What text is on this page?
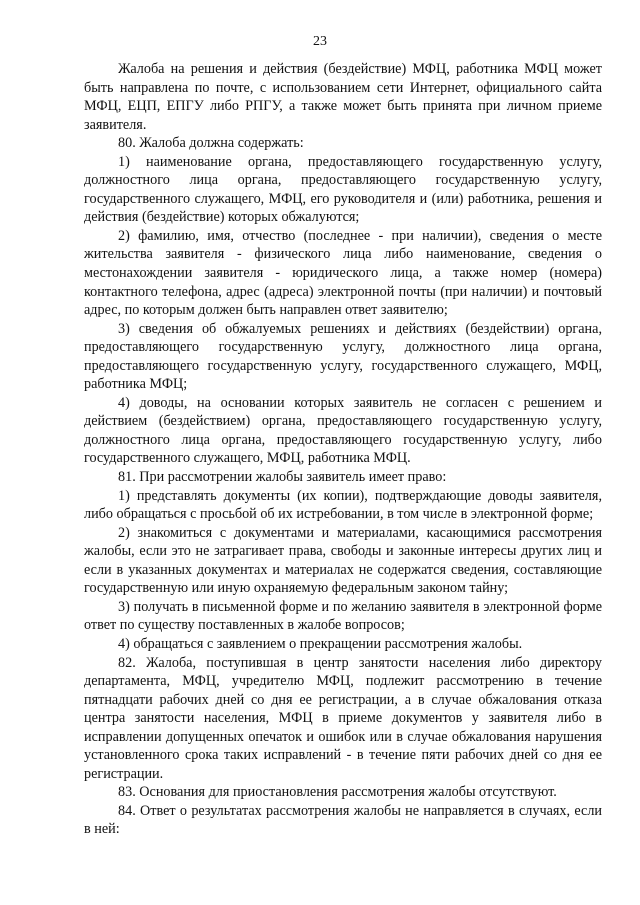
23

Жалоба на решения и действия (бездействие) МФЦ, работника МФЦ может быть направлена по почте, с использованием сети Интернет, официального сайта МФЦ, ЕЦП, ЕПГУ либо РПГУ, а также может быть принята при личном приеме заявителя.

80. Жалоба должна содержать:

1) наименование органа, предоставляющего государственную услугу, должностного лица органа, предоставляющего государственную услугу, государственного служащего, МФЦ, его руководителя и (или) работника, решения и действия (бездействие) которых обжалуются;

2) фамилию, имя, отчество (последнее - при наличии), сведения о месте жительства заявителя - физического лица либо наименование, сведения о местонахождении заявителя - юридического лица, а также номер (номера) контактного телефона, адрес (адреса) электронной почты (при наличии) и почтовый адрес, по которым должен быть направлен ответ заявителю;

3) сведения об обжалуемых решениях и действиях (бездействии) органа, предоставляющего государственную услугу, должностного лица органа, предоставляющего государственную услугу, государственного служащего, МФЦ, работника МФЦ;

4) доводы, на основании которых заявитель не согласен с решением и действием (бездействием) органа, предоставляющего государственную услугу, должностного лица органа, предоставляющего государственную услугу, либо государственного служащего, МФЦ, работника МФЦ.

81. При рассмотрении жалобы заявитель имеет право:

1) представлять документы (их копии), подтверждающие доводы заявителя, либо обращаться с просьбой об их истребовании, в том числе в электронной форме;

2) знакомиться с документами и материалами, касающимися рассмотрения жалобы, если это не затрагивает права, свободы и законные интересы других лиц и если в указанных документах и материалах не содержатся сведения, составляющие государственную или иную охраняемую федеральным законом тайну;

3) получать в письменной форме и по желанию заявителя в электронной форме ответ по существу поставленных в жалобе вопросов;

4) обращаться с заявлением о прекращении рассмотрения жалобы.

82. Жалоба, поступившая в центр занятости населения либо директору департамента, МФЦ, учредителю МФЦ, подлежит рассмотрению в течение пятнадцати рабочих дней со дня ее регистрации, а в случае обжалования отказа центра занятости населения, МФЦ в приеме документов у заявителя либо в исправлении допущенных опечаток и ошибок или в случае обжалования нарушения установленного срока таких исправлений - в течение пяти рабочих дней со дня ее регистрации.

83. Основания для приостановления рассмотрения жалобы отсутствуют.

84. Ответ о результатах рассмотрения жалобы не направляется в случаях, если в ней:
